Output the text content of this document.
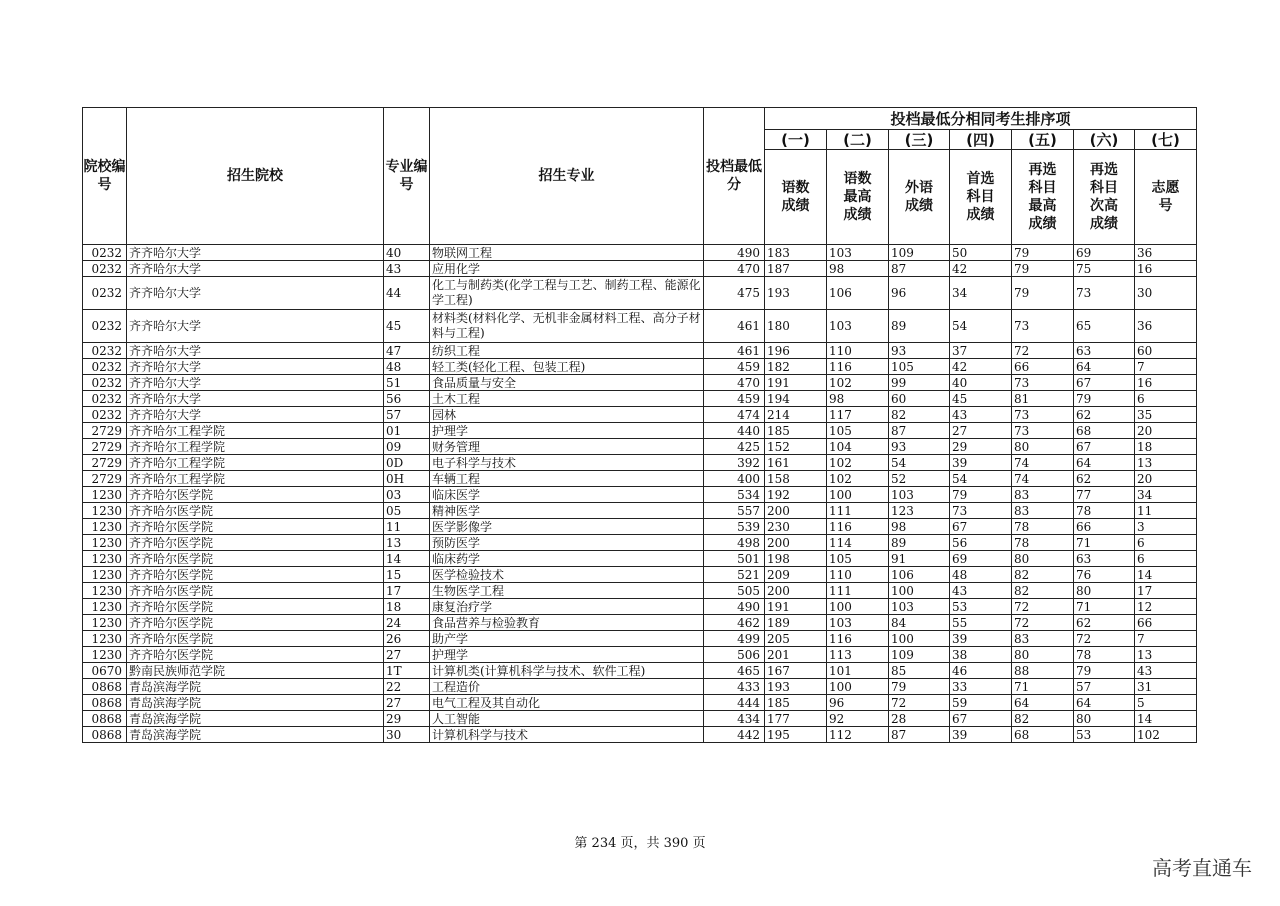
院校编号	招生院校	专业编号	招生专业	投档最低分	投档最低分相同考生排序项						
					(一)	(二)	(三)	(四)	(五)	(六)	(七)
					语数成绩	语数最高成绩	外语成绩	首选科目成绩	再选科目最高成绩	再选科目次高成绩	志愿号
0232	齐齐哈尔大学	40	物联网工程	490	183	103	109	50	79	69	36
0232	齐齐哈尔大学	43	应用化学	470	187	98	87	42	79	75	16
0232	齐齐哈尔大学	44	化工与制药类(化学工程与工艺、制药工程、能源化学工程)	475	193	106	96	34	79	73	30
0232	齐齐哈尔大学	45	材料类(材料化学、无机非金属材料工程、高分子材料与工程)	461	180	103	89	54	73	65	36
0232	齐齐哈尔大学	47	纺织工程	461	196	110	93	37	72	63	60
0232	齐齐哈尔大学	48	轻工类(轻化工程、包装工程)	459	182	116	105	42	66	64	7
0232	齐齐哈尔大学	51	食品质量与安全	470	191	102	99	40	73	67	16
0232	齐齐哈尔大学	56	土木工程	459	194	98	60	45	81	79	6
0232	齐齐哈尔大学	57	园林	474	214	117	82	43	73	62	35
2729	齐齐哈尔工程学院	01	护理学	440	185	105	87	27	73	68	20
2729	齐齐哈尔工程学院	09	财务管理	425	152	104	93	29	80	67	18
2729	齐齐哈尔工程学院	0D	电子科学与技术	392	161	102	54	39	74	64	13
2729	齐齐哈尔工程学院	0H	车辆工程	400	158	102	52	54	74	62	20
1230	齐齐哈尔医学院	03	临床医学	534	192	100	103	79	83	77	34
1230	齐齐哈尔医学院	05	精神医学	557	200	111	123	73	83	78	11
1230	齐齐哈尔医学院	11	医学影像学	539	230	116	98	67	78	66	3
1230	齐齐哈尔医学院	13	预防医学	498	200	114	89	56	78	71	6
1230	齐齐哈尔医学院	14	临床药学	501	198	105	91	69	80	63	6
1230	齐齐哈尔医学院	15	医学检验技术	521	209	110	106	48	82	76	14
1230	齐齐哈尔医学院	17	生物医学工程	505	200	111	100	43	82	80	17
1230	齐齐哈尔医学院	18	康复治疗学	490	191	100	103	53	72	71	12
1230	齐齐哈尔医学院	24	食品营养与检验教育	462	189	103	84	55	72	62	66
1230	齐齐哈尔医学院	26	助产学	499	205	116	100	39	83	72	7
1230	齐齐哈尔医学院	27	护理学	506	201	113	109	38	80	78	13
0670	黔南民族师范学院	1T	计算机类(计算机科学与技术、软件工程)	465	167	101	85	46	88	79	43
0868	青岛滨海学院	22	工程造价	433	193	100	79	33	71	57	31
0868	青岛滨海学院	27	电气工程及其自动化	444	185	96	72	59	64	64	5
0868	青岛滨海学院	29	人工智能	434	177	92	28	67	82	80	14
0868	青岛滨海学院	30	计算机科学与技术	442	195	112	87	39	68	53	102
第 234 页，共 390 页
高考直通车
